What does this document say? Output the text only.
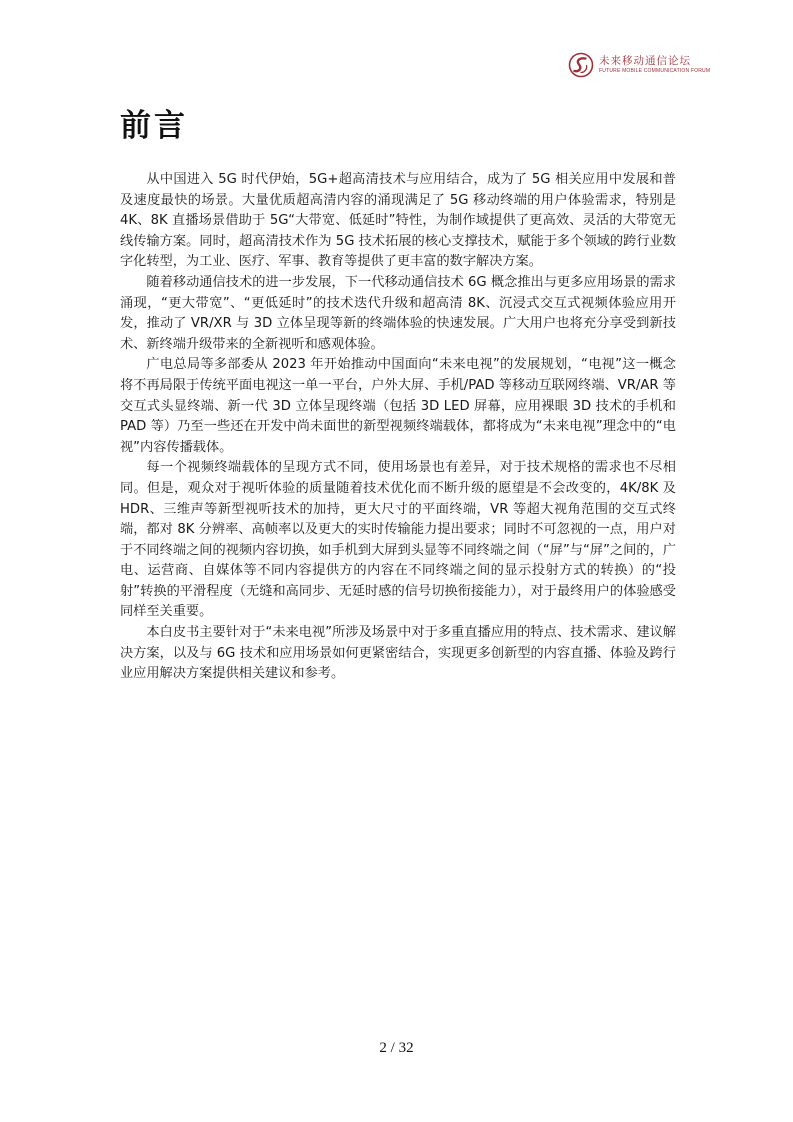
未来移动通信论坛
FUTURE MOBILE COMMUNICATION FORUM
前言

从中国进入 5G 时代伊始，5G+超高清技术与应用结合，成为了 5G 相关应用中发展和普及速度最快的场景。大量优质超高清内容的涌现满足了 5G 移动终端的用户体验需求，特别是 4K、8K 直播场景借助于 5G“大带宽、低延时”特性，为制作域提供了更高效、灵活的大带宽无线传输方案。同时，超高清技术作为 5G 技术拓展的核心支撑技术，赋能于多个领域的跨行业数字化转型，为工业、医疗、军事、教育等提供了更丰富的数字解决方案。

随着移动通信技术的进一步发展，下一代移动通信技术 6G 概念推出与更多应用场景的需求涌现，“更大带宽”、“更低延时”的技术迭代升级和超高清 8K、沉浸式交互式视频体验应用开发，推动了 VR/XR 与 3D 立体呈现等新的终端体验的快速发展。广大用户也将充分享受到新技术、新终端升级带来的全新视听和感观体验。

广电总局等多部委从 2023 年开始推动中国面向“未来电视”的发展规划，“电视”这一概念将不再局限于传统平面电视这一单一平台，户外大屏、手机/PAD 等移动互联网终端、VR/AR 等交互式头显终端、新一代 3D 立体呈现终端（包括 3D LED 屏幕，应用裸眼 3D 技术的手机和 PAD 等）乃至一些还在开发中尚未面世的新型视频终端载体，都将成为“未来电视”理念中的“电视”内容传播载体。

每一个视频终端载体的呈现方式不同，使用场景也有差异，对于技术规格的需求也不尽相同。但是，观众对于视听体验的质量随着技术优化而不断升级的愿望是不会改变的，4K/8K 及 HDR、三维声等新型视听技术的加持，更大尺寸的平面终端，VR 等超大视角范围的交互式终端，都对 8K 分辨率、高帧率以及更大的实时传输能力提出要求；同时不可忽视的一点，用户对于不同终端之间的视频内容切换，如手机到大屏到头显等不同终端之间（“屏”与“屏”之间的，广电、运营商、自媒体等不同内容提供方的内容在不同终端之间的显示投射方式的转换）的“投射”转换的平滑程度（无缝和高同步、无延时感的信号切换衔接能力），对于最终用户的体验感受同样至关重要。

本白皮书主要针对于“未来电视”所涉及场景中对于多重直播应用的特点、技术需求、建议解决方案，以及与 6G 技术和应用场景如何更紧密结合，实现更多创新型的内容直播、体验及跨行业应用解决方案提供相关建议和参考。

2 / 32
